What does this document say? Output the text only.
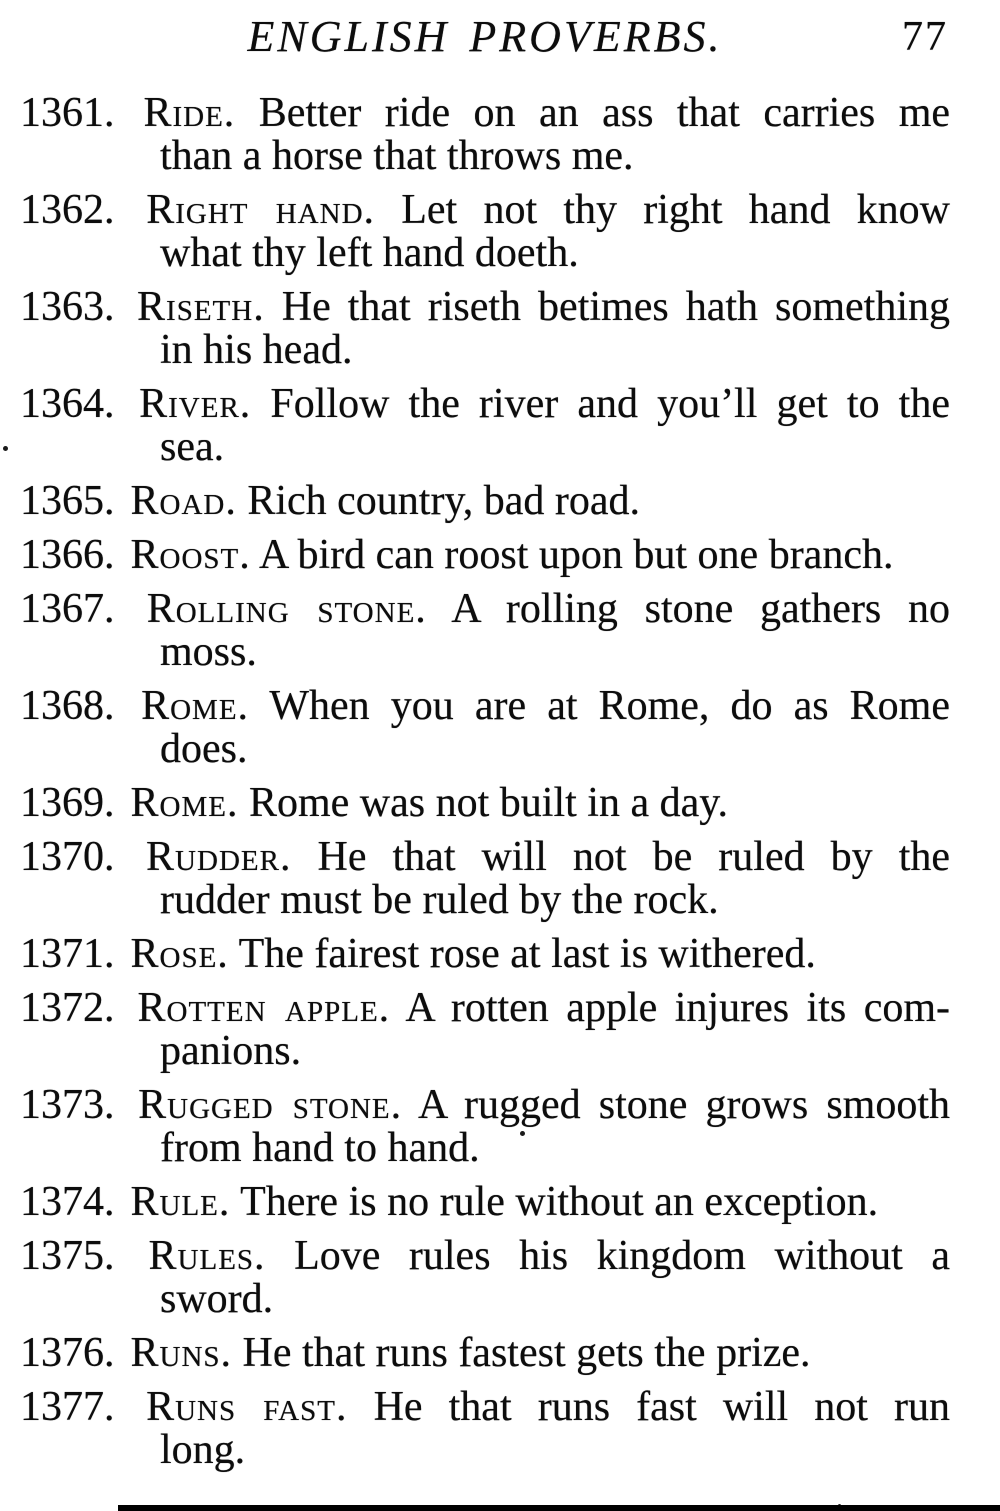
ENGLISH PROVERBS.	77

1361. Ride. Better ride on an ass that carries me
than a horse that throws me.

1362. Right hand. Let not thy right hand know
what thy left hand doeth.

1363. Riseth. He that riseth betimes hath something
in his head.

1364. River. Follow the river and you’ll get to the
sea.

1365. Road. Rich country, bad road.

1366. Roost. A bird can roost upon but one branch.

1367. Rolling stone. A rolling stone gathers no
moss.

1368. Rome. When you are at Rome, do as Rome
does.

1369. Rome. Rome was not built in a day.

1370. Rudder. He that will not be ruled by the
rudder must be ruled by the rock.

1371. Rose. The fairest rose at last is withered.

1372. Rotten apple. A rotten apple injures its com-
panions.

1373. Rugged stone. A rugged stone grows smooth
from hand to hand.

1374. Rule. There is no rule without an exception.

1375. Rules. Love rules his kingdom without a
sword.

1376. Runs. He that runs fastest gets the prize.

1377. Runs fast. He that runs fast will not run
long.
